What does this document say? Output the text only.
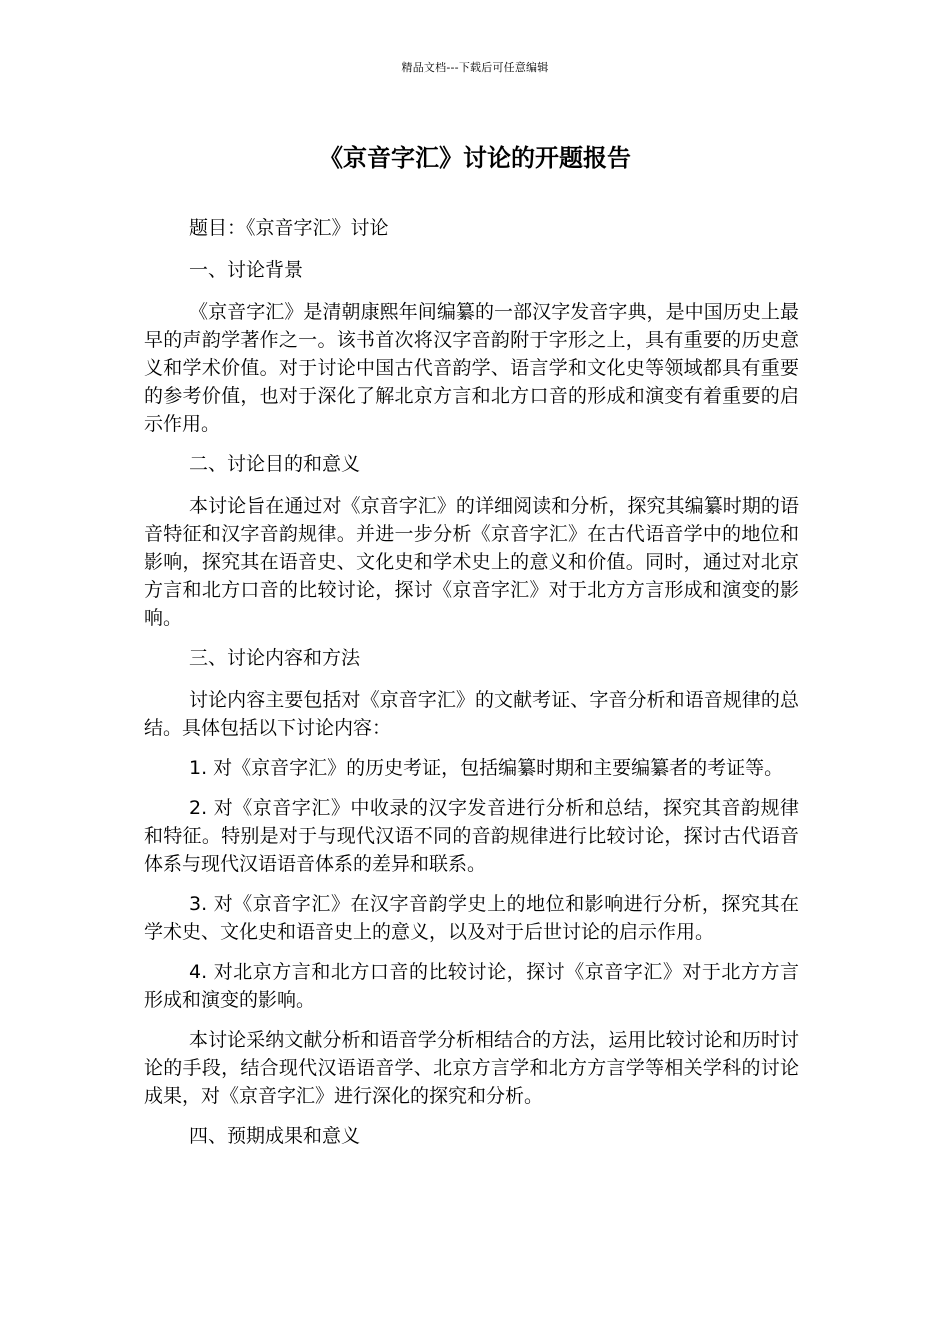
精品文档---下载后可任意编辑
《京音字汇》讨论的开题报告

题目：《京音字汇》讨论

一、讨论背景

《京音字汇》是清朝康熙年间编纂的一部汉字发音字典，是中国历史上最早的声韵学著作之一。该书首次将汉字音韵附于字形之上，具有重要的历史意义和学术价值。对于讨论中国古代音韵学、语言学和文化史等领域都具有重要的参考价值，也对于深化了解北京方言和北方口音的形成和演变有着重要的启示作用。

二、讨论目的和意义

本讨论旨在通过对《京音字汇》的详细阅读和分析，探究其编纂时期的语音特征和汉字音韵规律。并进一步分析《京音字汇》在古代语音学中的地位和影响，探究其在语音史、文化史和学术史上的意义和价值。同时，通过对北京方言和北方口音的比较讨论，探讨《京音字汇》对于北方方言形成和演变的影响。

三、讨论内容和方法

讨论内容主要包括对《京音字汇》的文献考证、字音分析和语音规律的总结。具体包括以下讨论内容：

1. 对《京音字汇》的历史考证，包括编纂时期和主要编纂者的考证等。

2. 对《京音字汇》中收录的汉字发音进行分析和总结，探究其音韵规律和特征。特别是对于与现代汉语不同的音韵规律进行比较讨论，探讨古代语音体系与现代汉语语音体系的差异和联系。

3. 对《京音字汇》在汉字音韵学史上的地位和影响进行分析，探究其在学术史、文化史和语音史上的意义，以及对于后世讨论的启示作用。

4. 对北京方言和北方口音的比较讨论，探讨《京音字汇》对于北方方言形成和演变的影响。

本讨论采纳文献分析和语音学分析相结合的方法，运用比较讨论和历时讨论的手段，结合现代汉语语音学、北京方言学和北方方言学等相关学科的讨论成果，对《京音字汇》进行深化的探究和分析。

四、预期成果和意义
